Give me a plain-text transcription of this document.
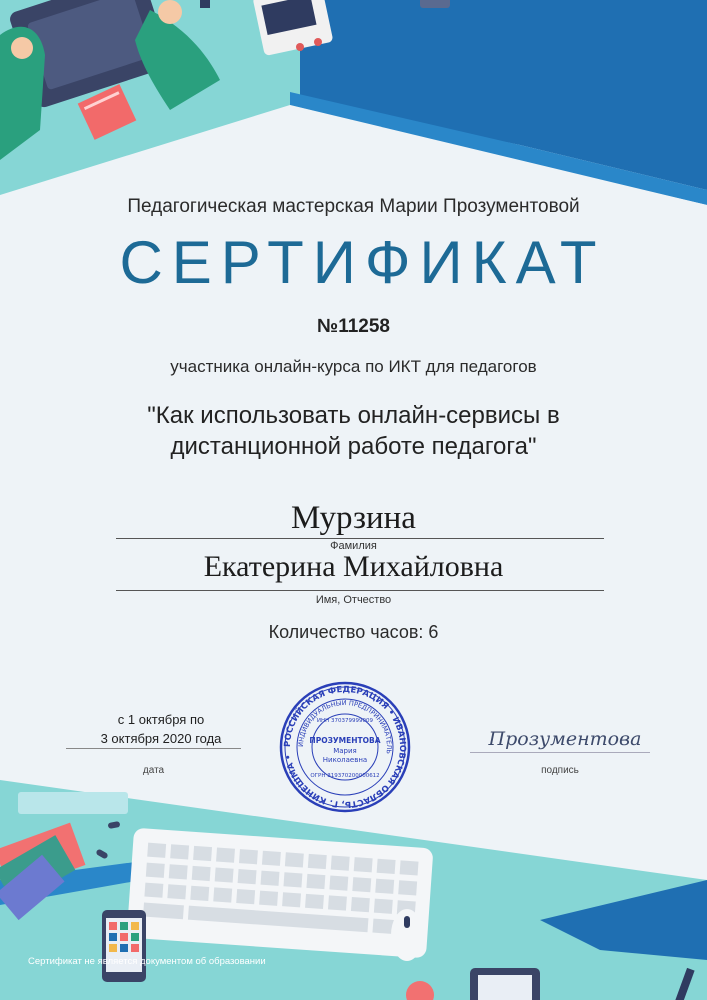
Педагогическая мастерская Марии Прозументовой
СЕРТИФИКАТ
№11258
участника онлайн-курса по ИКТ для педагогов
"Как использовать онлайн-сервисы в
дистанционной работе педагога"
Мурзина
Фамилия
Екатерина Михайловна
Имя, Отчество
Количество часов: 6
с 1 октября по
3 октября 2020 года
дата
РОССИЙСКАЯ ФЕДЕРАЦИЯ • ИВАНОВСКАЯ ОБЛАСТЬ, Г. КИНЕШМА •
ИНДИВИДУАЛЬНЫЙ ПРЕДПРИНИМАТЕЛЬ
ИНН 370379999009
ПРОЗУМЕНТОВА
Мария
Николаевна
ОГРН 319370200000612
Прозументова
подпись
Сертификат не является документом об образовании
